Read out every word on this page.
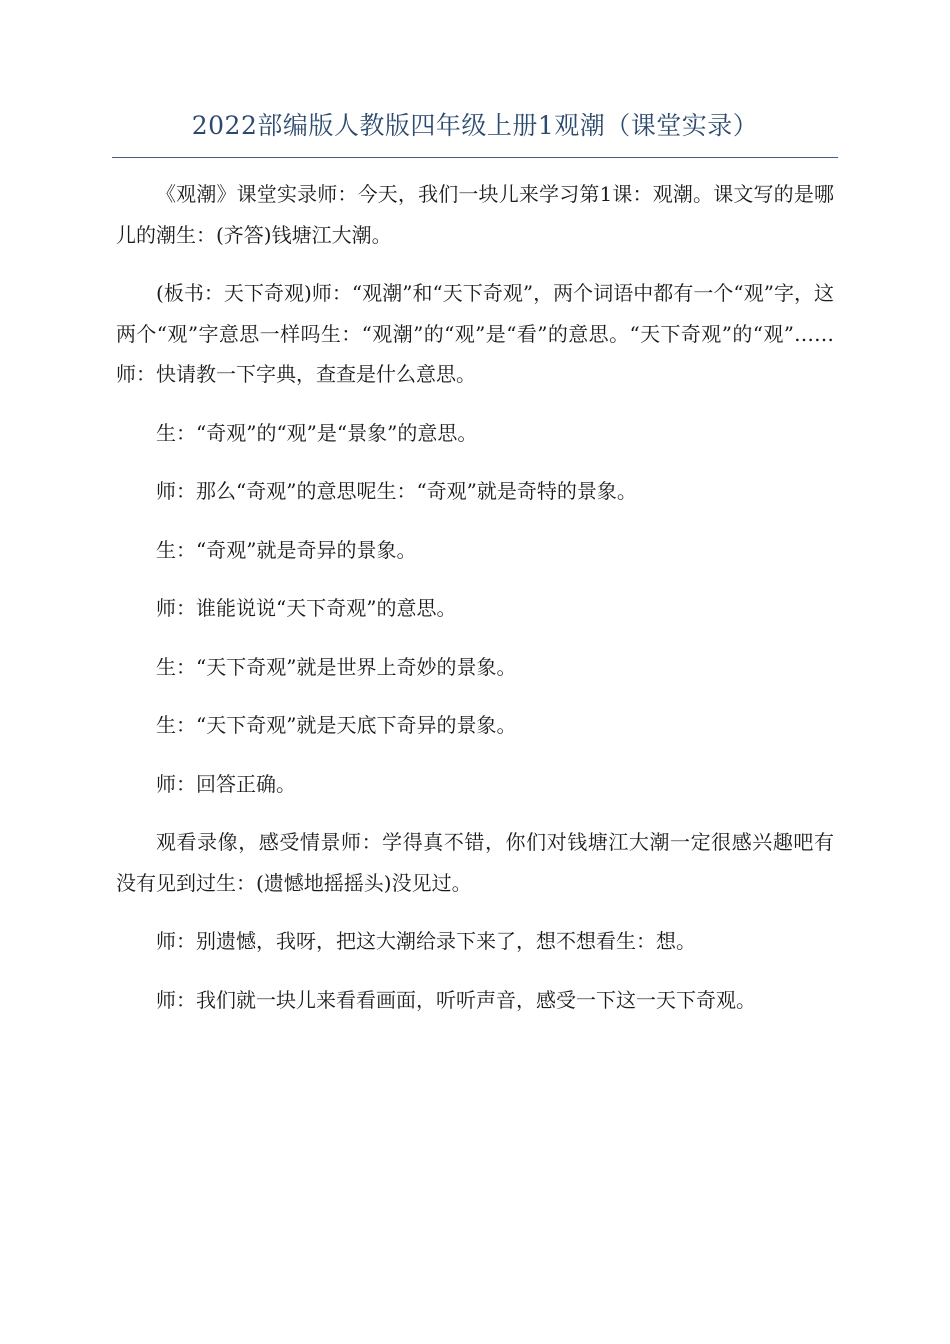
2022部编版人教版四年级上册1观潮（课堂实录）

《观潮》课堂实录师：今天，我们一块儿来学习第1课：观潮。课文写的是哪儿的潮生：(齐答)钱塘江大潮。

(板书：天下奇观)师：“观潮”和“天下奇观”，两个词语中都有一个“观”字，这两个“观”字意思一样吗生：“观潮”的“观”是“看”的意思。“天下奇观”的“观”……师：快请教一下字典，查查是什么意思。

生：“奇观”的“观”是“景象”的意思。

师：那么“奇观”的意思呢生：“奇观”就是奇特的景象。

生：“奇观”就是奇异的景象。

师：谁能说说“天下奇观”的意思。

生：“天下奇观”就是世界上奇妙的景象。

生：“天下奇观”就是天底下奇异的景象。

师：回答正确。

观看录像，感受情景师：学得真不错，你们对钱塘江大潮一定很感兴趣吧有没有见到过生：(遗憾地摇摇头)没见过。

师：别遗憾，我呀，把这大潮给录下来了，想不想看生：想。

师：我们就一块儿来看看画面，听听声音，感受一下这一天下奇观。
